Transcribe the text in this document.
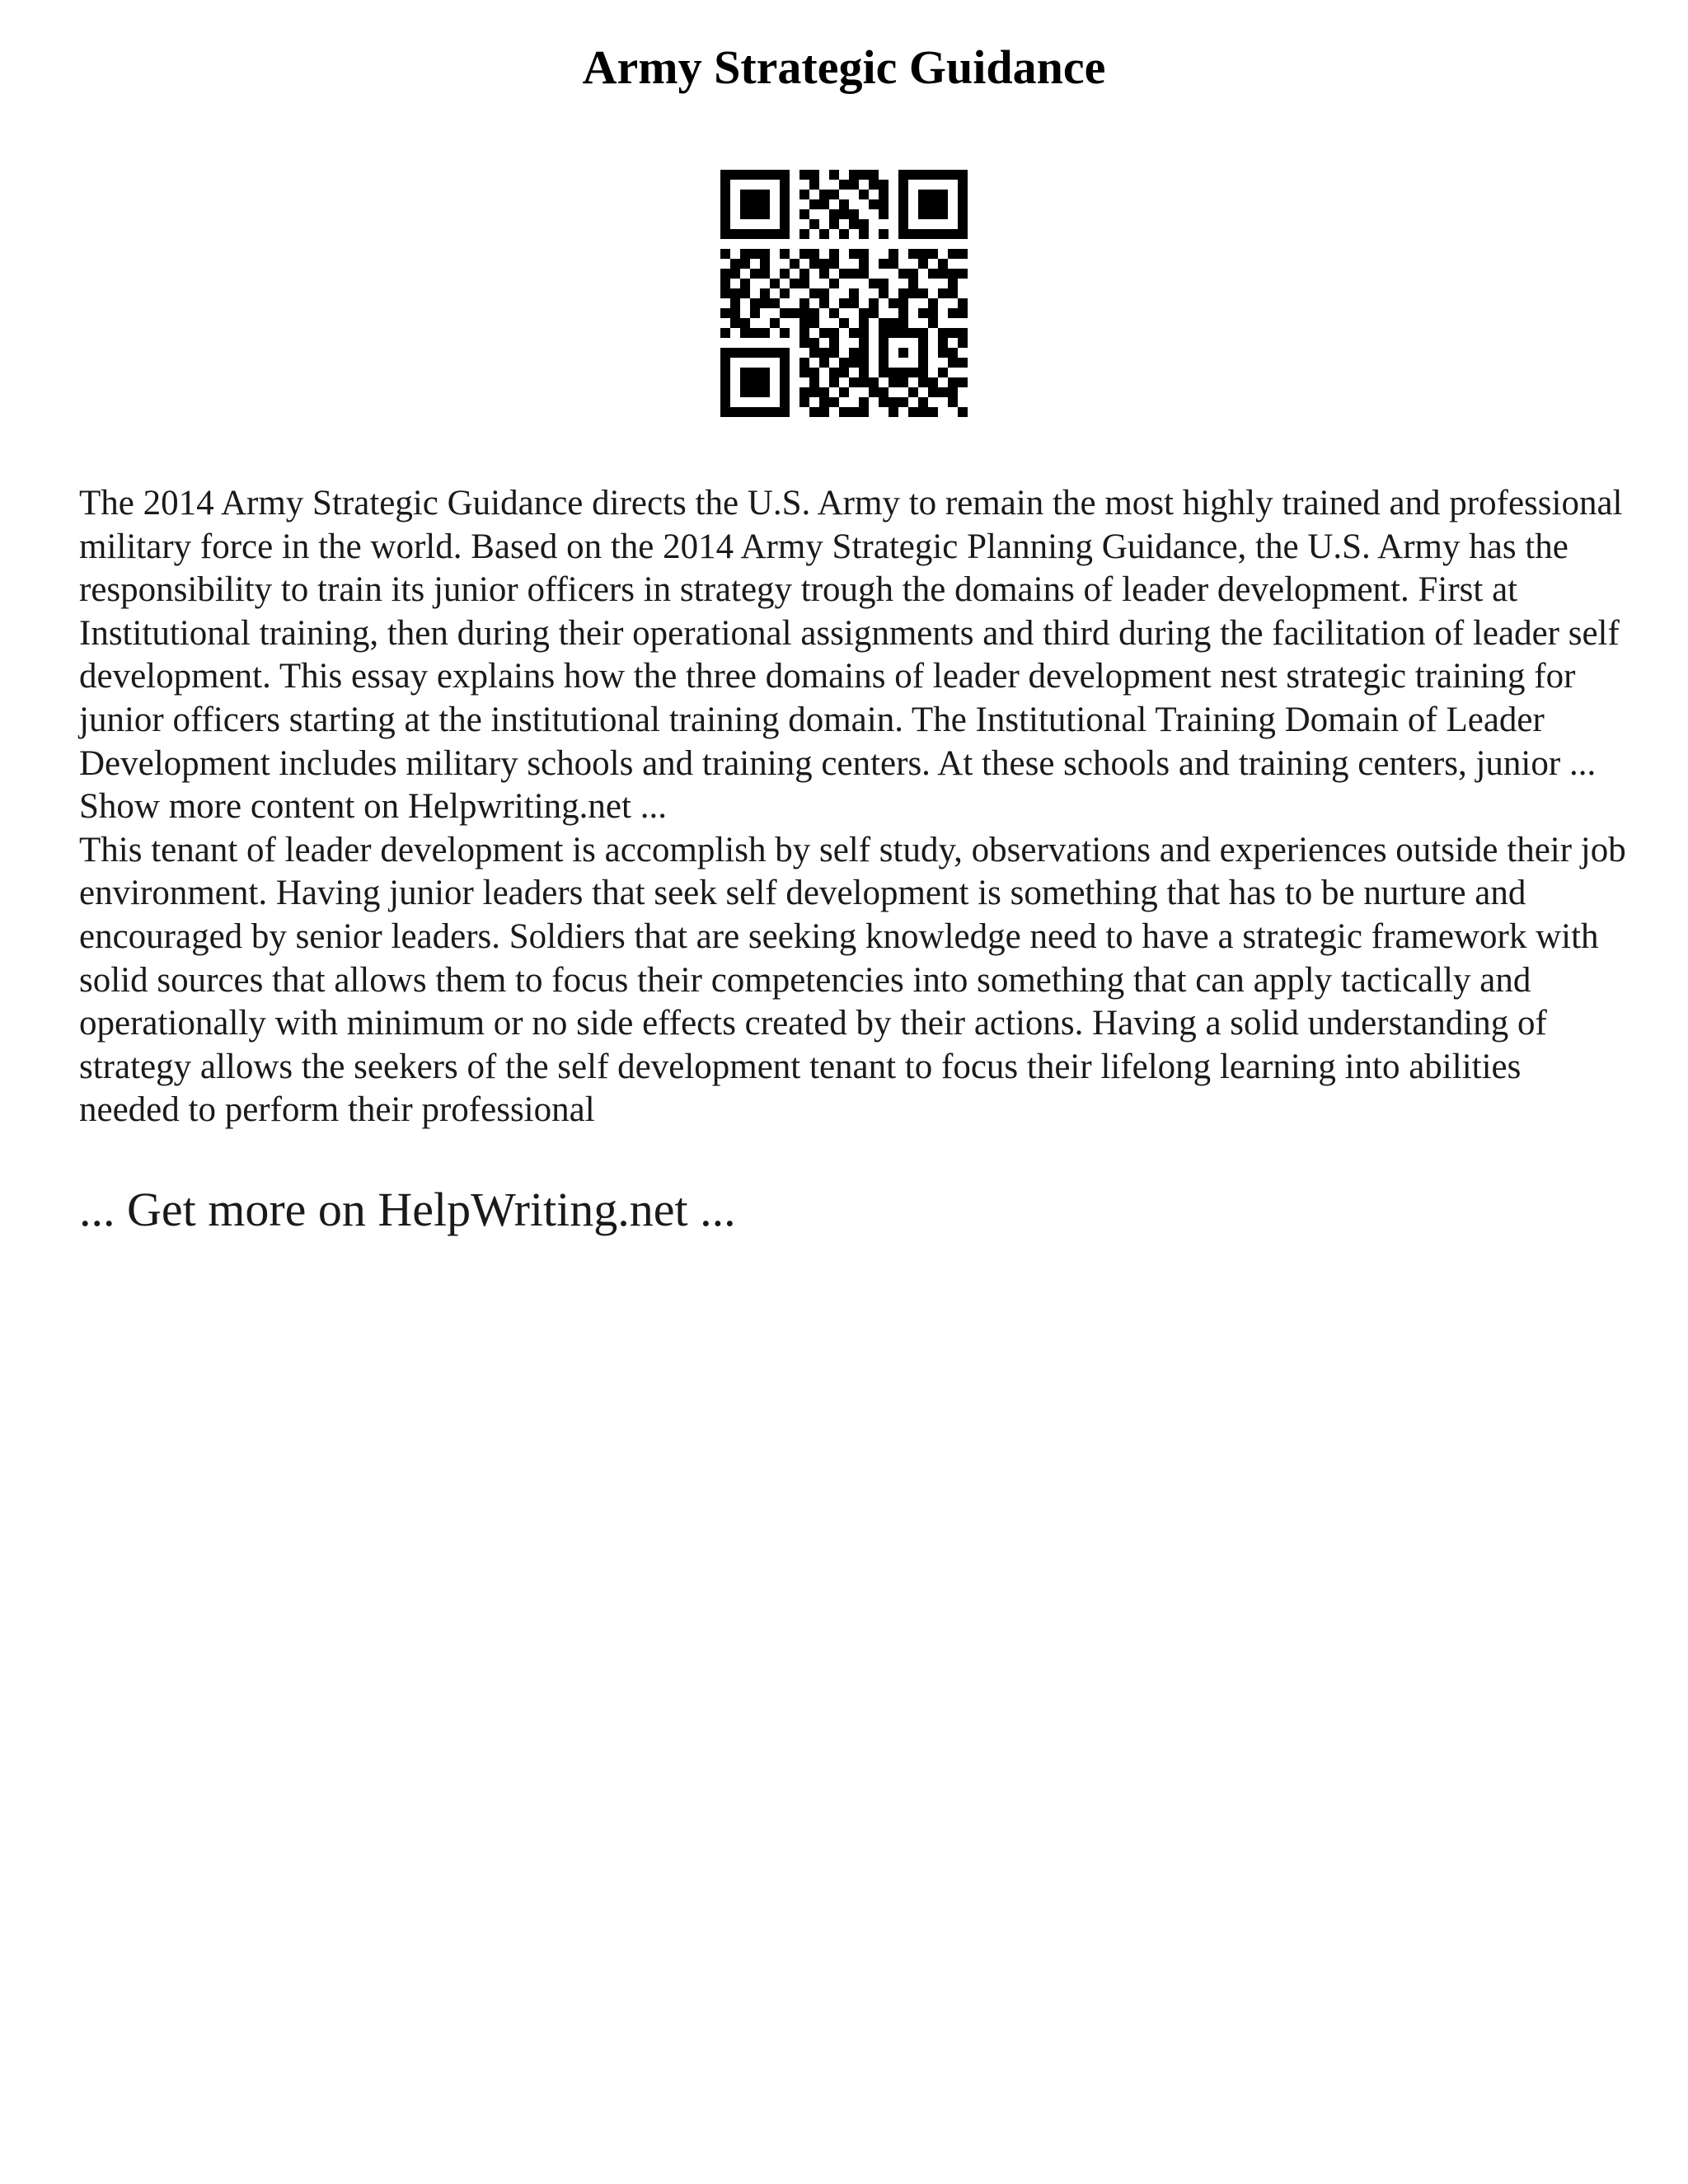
Army Strategic Guidance

The 2014 Army Strategic Guidance directs the U.S. Army to remain the most highly trained and professional military force in the world. Based on the 2014 Army Strategic Planning Guidance, the U.S. Army has the responsibility to train its junior officers in strategy trough the domains of leader development. First at Institutional training, then during their operational assignments and third during the facilitation of leader self development. This essay explains how the three domains of leader development nest strategic training for junior officers starting at the institutional training domain. The Institutional Training Domain of Leader Development includes military schools and training centers. At these schools and training centers, junior ... Show more content on Helpwriting.net ...

This tenant of leader development is accomplish by self study, observations and experiences outside their job environment. Having junior leaders that seek self development is something that has to be nurture and encouraged by senior leaders. Soldiers that are seeking knowledge need to have a strategic framework with solid sources that allows them to focus their competencies into something that can apply tactically and operationally with minimum or no side effects created by their actions. Having a solid understanding of strategy allows the seekers of the self development tenant to focus their lifelong learning into abilities needed to perform their professional

... Get more on HelpWriting.net ...
